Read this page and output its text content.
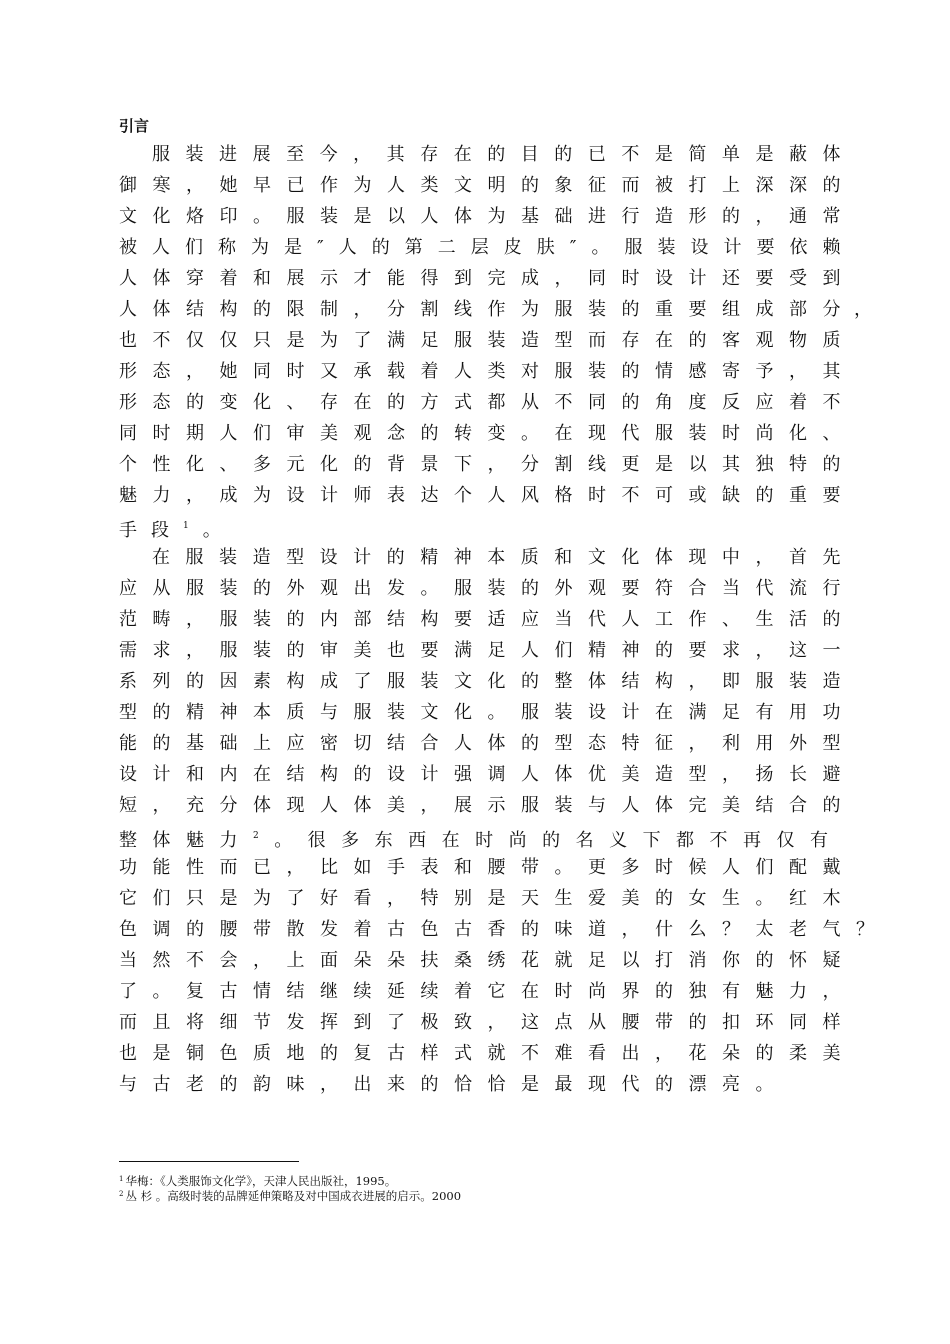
引言
服装进展至今，其存在的目的已不是简单是蔽体
御寒，她早已作为人类文明的象征而被打上深深的
文化烙印。服装是以人体为基础进行造形的，通常
被人们称为是″人的第二层皮肤″。服装设计要依赖
人体穿着和展示才能得到完成，同时设计还要受到
人体结构的限制，分割线作为服装的重要组成部分 ，
也不仅仅只是为了满足服装造型而存在的客观物质
形态，她同时又承载着人类对服装的情感寄予，其
形态的变化、存在的方式都从不同的角度反应着不
同时期人们审美观念的转变。在现代服装时尚化、
个性化、多元化的背景下，分割线更是以其独特的
魅力，成为设计师表达个人风格时不可或缺的重要
手段$^1$。
在服装造型设计的精神本质和文化体现中，首先
应从服装的外观出发。服装的外观要符合当代流行
范畴，服装的内部结构要适应当代人工作、生活的
需求，服装的审美也要满足人们精神的要求，这一
系列的因素构成了服装文化的整体结构，即服装造
型的精神本质与服装文化。服装设计在满足有用功
能的基础上应密切结合人体的型态特征，利用外型
设计和内在结构的设计强调人体优美造型，扬长避
短，充分体现人体美，展示服装与人体完美结合的
整体魅力$^2$。很多东西在时尚的名义下都不再仅有
功能性而已，比如手表和腰带。更多时候人们配戴
它们只是为了好看，特别是天生爱美的女生。红木
色调的腰带散发着古色古香的味道，什么？太老气 ？
当然不会，上面朵朵扶桑绣花就足以打消你的怀疑
了。复古情结继续延续着它在时尚界的独有魅力，
而且将细节发挥到了极致，这点从腰带的扣环同样
也是铜色质地的复古样式就不难看出，花朵的柔美
与古老的韵味，出来的恰恰是最现代的漂亮。
$^1$ 华梅：《人类服饰文化学》，天津人民出版社，1995。
$^2$ 丛 杉 。高级时装的品牌延伸策略及对中国成衣进展的启示。2000
